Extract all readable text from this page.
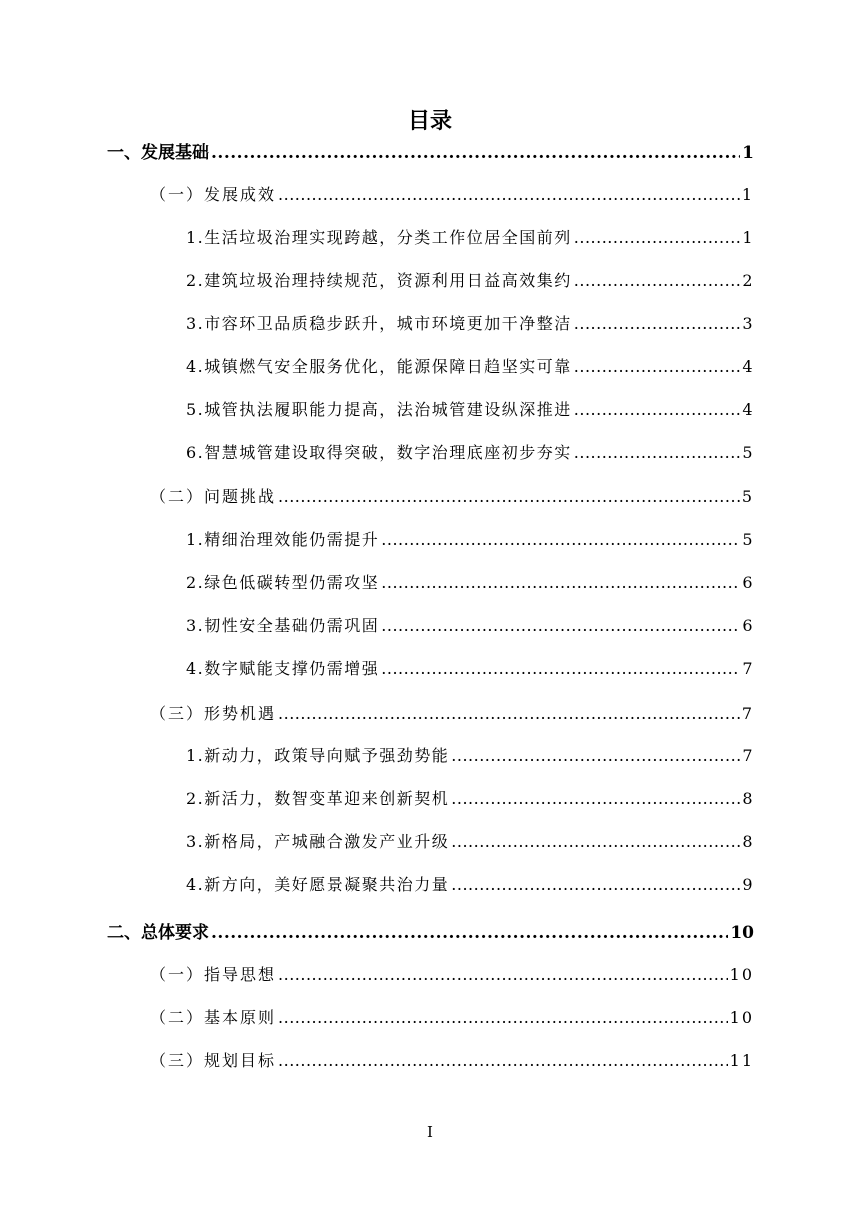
目录
一、发展基础 .....	1
（一）发展成效 .....	1
1.生活垃圾治理实现跨越，分类工作位居全国前列 .....	1
2.建筑垃圾治理持续规范，资源利用日益高效集约 .....	2
3.市容环卫品质稳步跃升，城市环境更加干净整洁 .....	3
4.城镇燃气安全服务优化，能源保障日趋坚实可靠 .....	4
5.城管执法履职能力提高，法治城管建设纵深推进 .....	4
6.智慧城管建设取得突破，数字治理底座初步夯实 .....	5
（二）问题挑战 .....	5
1.精细治理效能仍需提升 .....	5
2.绿色低碳转型仍需攻坚 .....	6
3.韧性安全基础仍需巩固 .....	6
4.数字赋能支撑仍需增强 .....	7
（三）形势机遇 .....	7
1.新动力，政策导向赋予强劲势能 .....	7
2.新活力，数智变革迎来创新契机 .....	8
3.新格局，产城融合激发产业升级 .....	8
4.新方向，美好愿景凝聚共治力量 .....	9
二、总体要求 .....	10
（一）指导思想 .....	10
（二）基本原则 .....	10
（三）规划目标 .....	11
I
